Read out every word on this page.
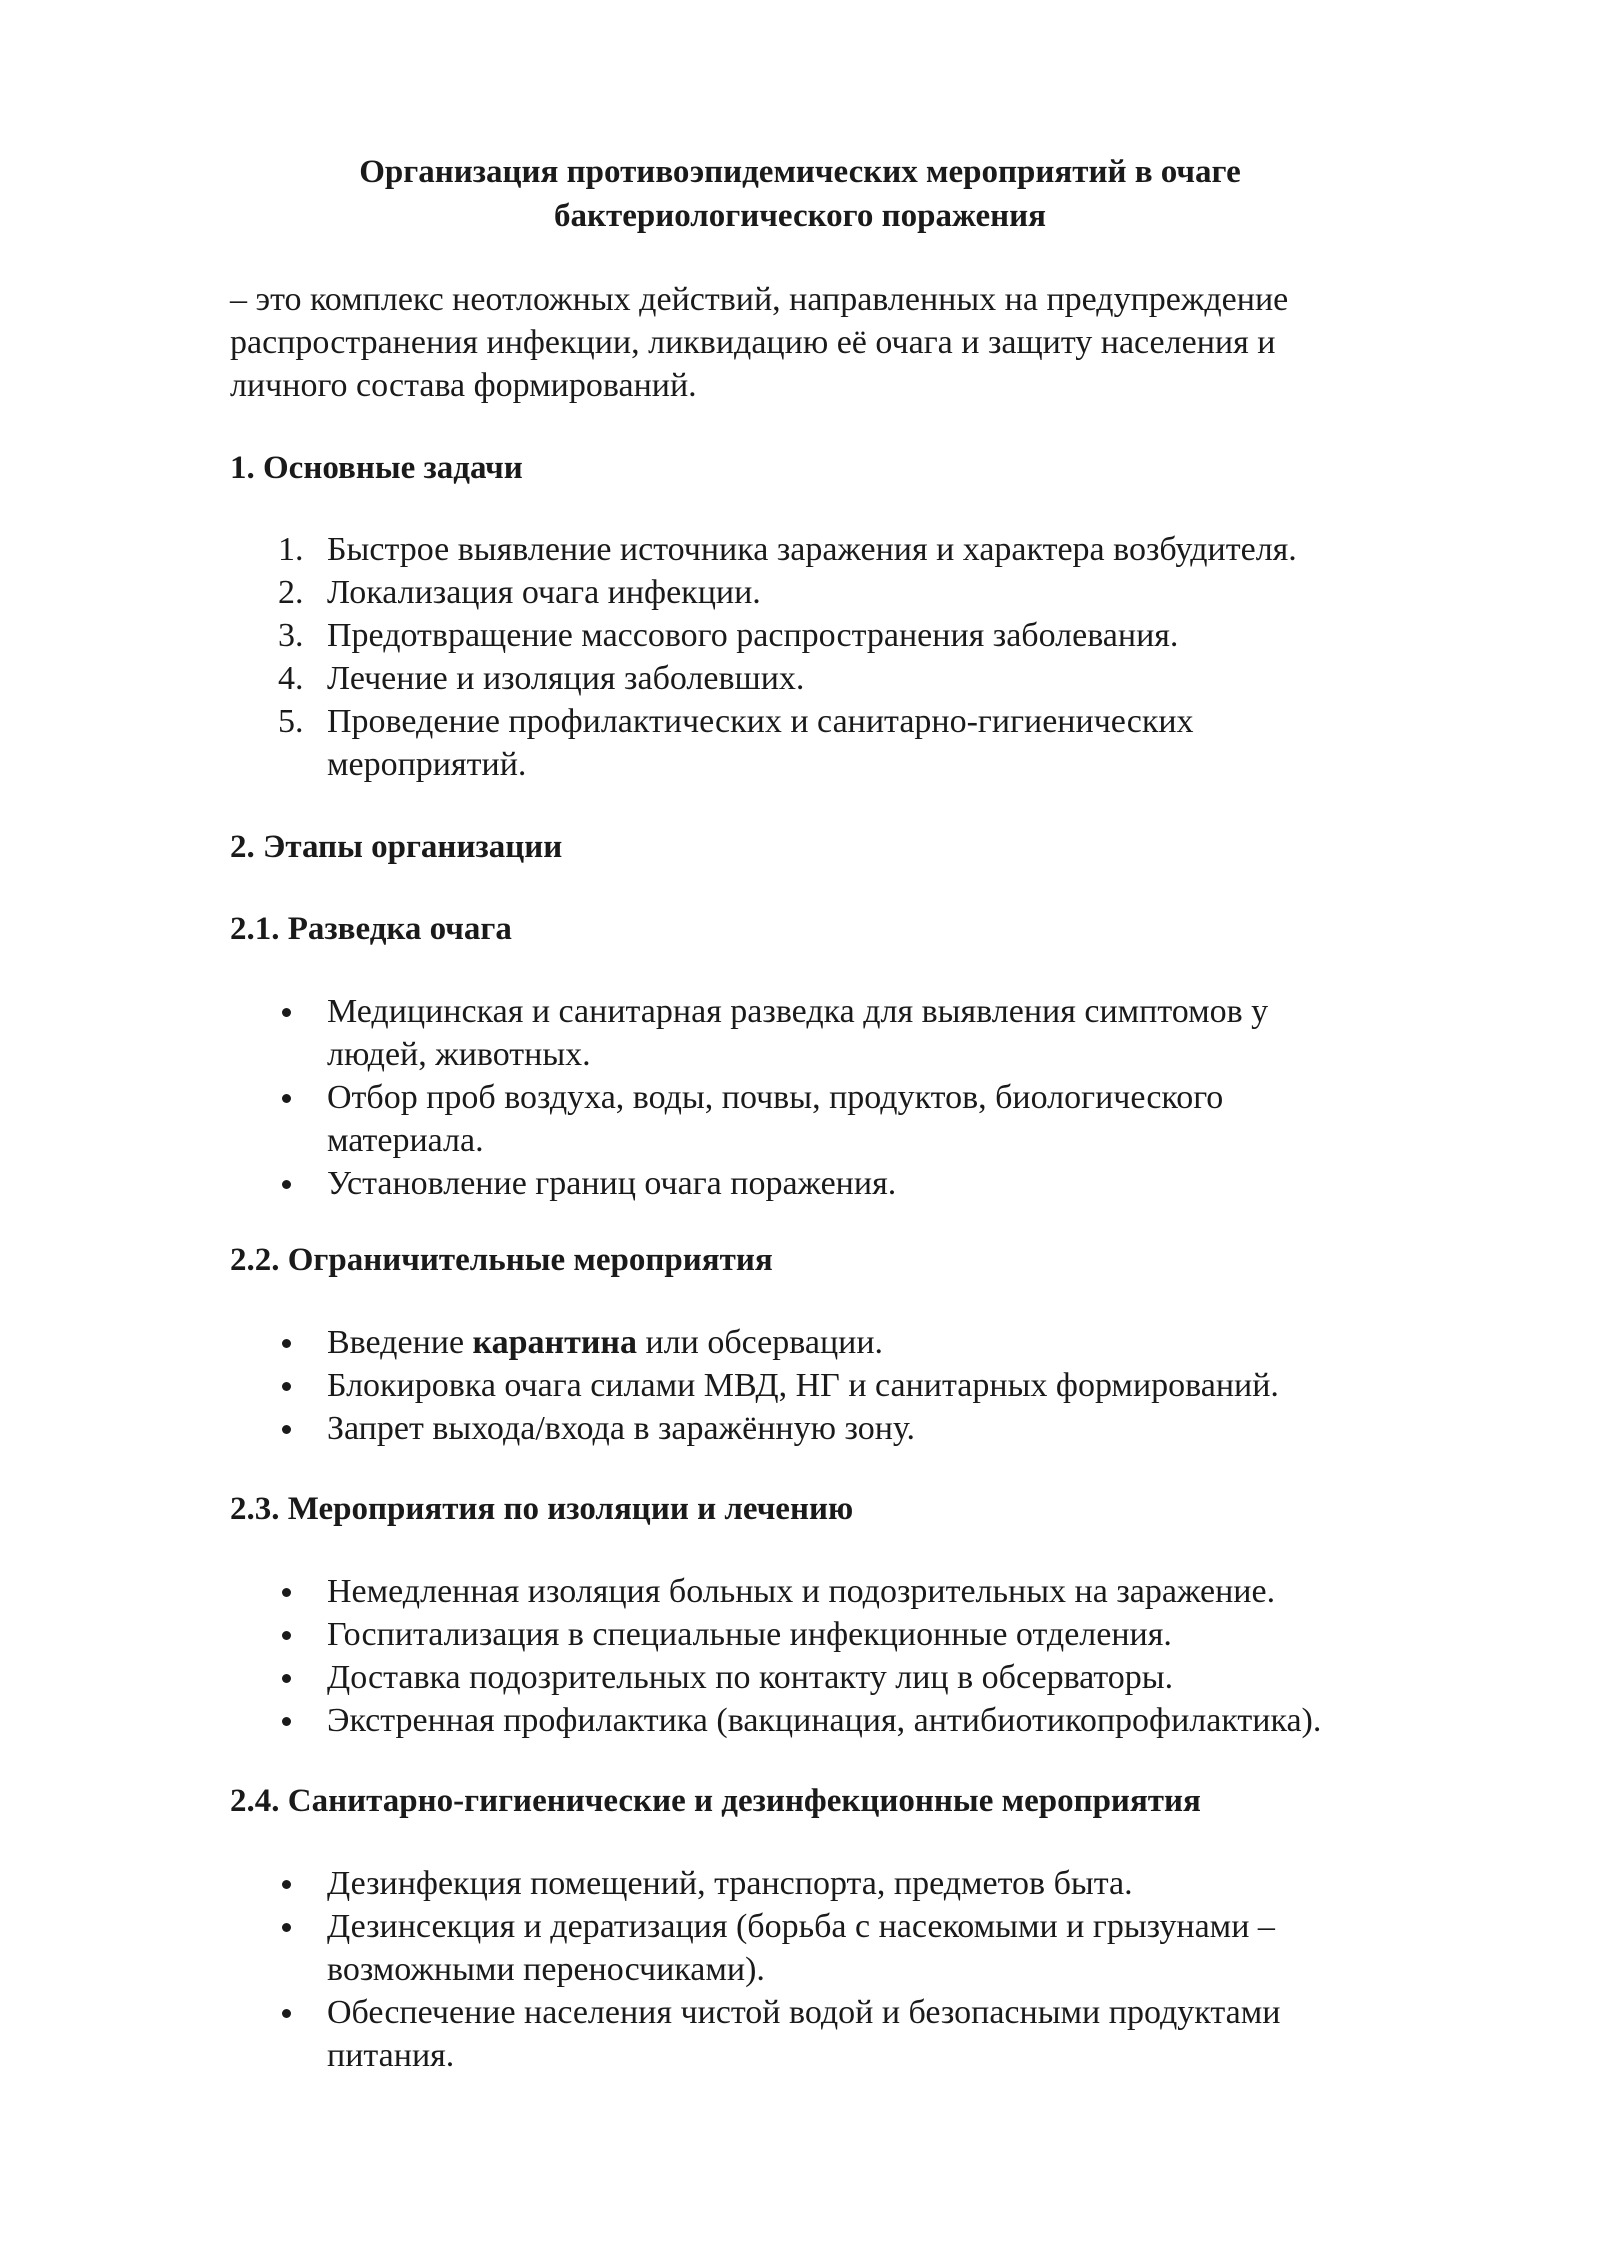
Организация противоэпидемических мероприятий в очаге
бактериологического поражения
– это комплекс неотложных действий, направленных на предупреждение
распространения инфекции, ликвидацию её очага и защиту населения и
личного состава формирований.
1. Основные задачи
1. Быстрое выявление источника заражения и характера возбудителя.
2. Локализация очага инфекции.
3. Предотвращение массового распространения заболевания.
4. Лечение и изоляция заболевших.
5. Проведение профилактических и санитарно-гигиенических
мероприятий.
2. Этапы организации
2.1. Разведка очага
Медицинская и санитарная разведка для выявления симптомов у
людей, животных.
Отбор проб воздуха, воды, почвы, продуктов, биологического
материала.
Установление границ очага поражения.
2.2. Ограничительные мероприятия
Введение карантина или обсервации.
Блокировка очага силами МВД, НГ и санитарных формирований.
Запрет выхода/входа в заражённую зону.
2.3. Мероприятия по изоляции и лечению
Немедленная изоляция больных и подозрительных на заражение.
Госпитализация в специальные инфекционные отделения.
Доставка подозрительных по контакту лиц в обсерваторы.
Экстренная профилактика (вакцинация, антибиотикопрофилактика).
2.4. Санитарно-гигиенические и дезинфекционные мероприятия
Дезинфекция помещений, транспорта, предметов быта.
Дезинсекция и дератизация (борьба с насекомыми и грызунами –
возможными переносчиками).
Обеспечение населения чистой водой и безопасными продуктами
питания.
